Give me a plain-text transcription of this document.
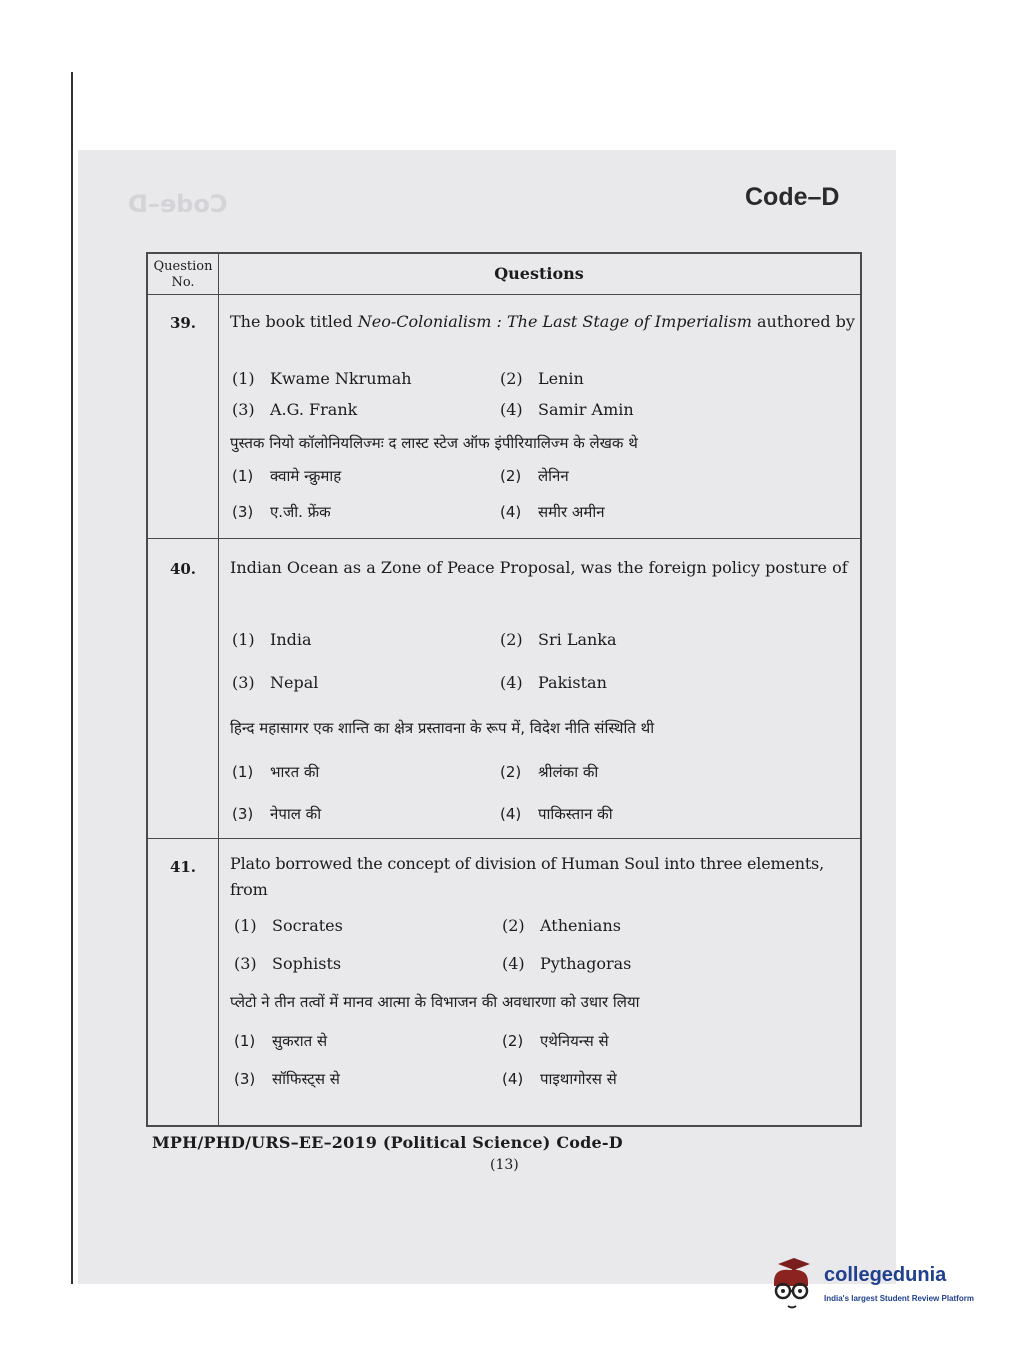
Code–D	Code–D
Question No.	Questions
39.	The book titled Neo-Colonialism : The Last Stage of Imperialism authored by
(1) Kwame Nkrumah	(2) Lenin
(3) A.G. Frank	(4) Samir Amin
पुस्तक नियो कॉलोनियलिज्मः द लास्ट स्टेज ऑफ इंपीरियालिज्म के लेखक थे
(1) क्वामे न्क्रुमाह	(2) लेनिन
(3) ए.जी. फ्रेंक	(4) समीर अमीन
40.	Indian Ocean as a Zone of Peace Proposal, was the foreign policy posture of
(1) India	(2) Sri Lanka
(3) Nepal	(4) Pakistan
हिन्द महासागर एक शान्ति का क्षेत्र प्रस्तावना के रूप में, विदेश नीति संस्थिति थी
(1) भारत की	(2) श्रीलंका की
(3) नेपाल की	(4) पाकिस्तान की
41.	Plato borrowed the concept of division of Human Soul into three elements, from
(1) Socrates	(2) Athenians
(3) Sophists	(4) Pythagoras
प्लेटो ने तीन तत्वों में मानव आत्मा के विभाजन की अवधारणा को उधार लिया
(1) सुकरात से	(2) एथेनियन्स से
(3) सॉफिस्ट्स से	(4) पाइथागोरस से
MPH/PHD/URS–EE–2019 (Political Science) Code-D
(13)
collegedunia
India's largest Student Review Platform
